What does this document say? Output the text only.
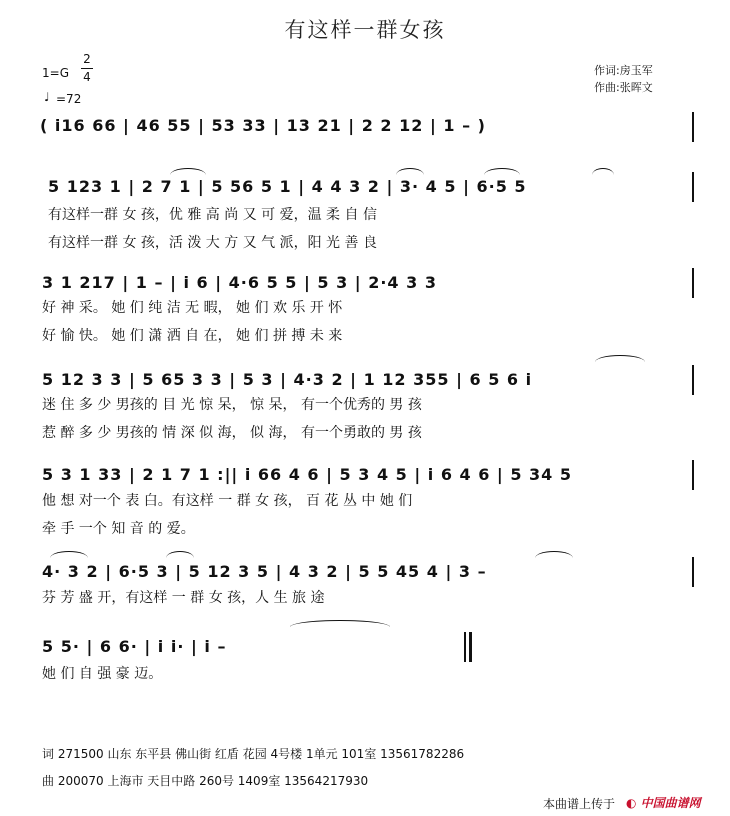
有这样一群女孩
1=G
2
4
♩ =72
作词:房玉军
作曲:张晖文
( i16 66 | 46 55 | 53 33 | 13 21 | 2 2 12 | 1 – )
5 123 1 | 2 7 1 | 5 56 5 1 | 4 4 3 2 | 3· 4 5 | 6·5 5
有这样一群 女 孩，优 雅 高 尚 又 可 爱，温 柔 自 信
有这样一群 女 孩，活 泼 大 方 又 气 派，阳 光 善 良
3 1 217 | 1 – | i 6 | 4·6 5 5 | 5 3 | 2·4 3 3
好 神 采。 她 们 纯 洁 无 暇， 她 们 欢 乐 开 怀
好 愉 快。 她 们 潇 洒 自 在， 她 们 拼 搏 未 来
5 12 3 3 | 5 65 3 3 | 5 3 | 4·3 2 | 1 12 355 | 6 5 6 i
迷 住 多 少 男孩的 目 光 惊 呆， 惊 呆， 有一个优秀的 男 孩
惹 醉 多 少 男孩的 情 深 似 海， 似 海， 有一个勇敢的 男 孩
5 3 1 33 | 2 1 7 1 :|| i 66 4 6 | 5 3 4 5 | i 6 4 6 | 5 34 5
他 想 对一个 表 白。有这样 一 群 女 孩， 百 花 丛 中 她 们
牵 手 一个 知 音 的 爱。
4· 3 2 | 6·5 3 | 5 12 3 5 | 4 3 2 | 5 5 45 4 | 3 –
芬 芳 盛 开，有这样 一 群 女 孩，人 生 旅 途
5 5· | 6 6· | i i· | i –
她 们 自 强 豪 迈。
词 271500 山东 东平县 佛山街 红盾 花园 4号楼 1单元 101室 13561782286
曲 200070 上海市 天目中路 260号 1409室 13564217930
本曲谱上传于 ◐ 中国曲谱网
